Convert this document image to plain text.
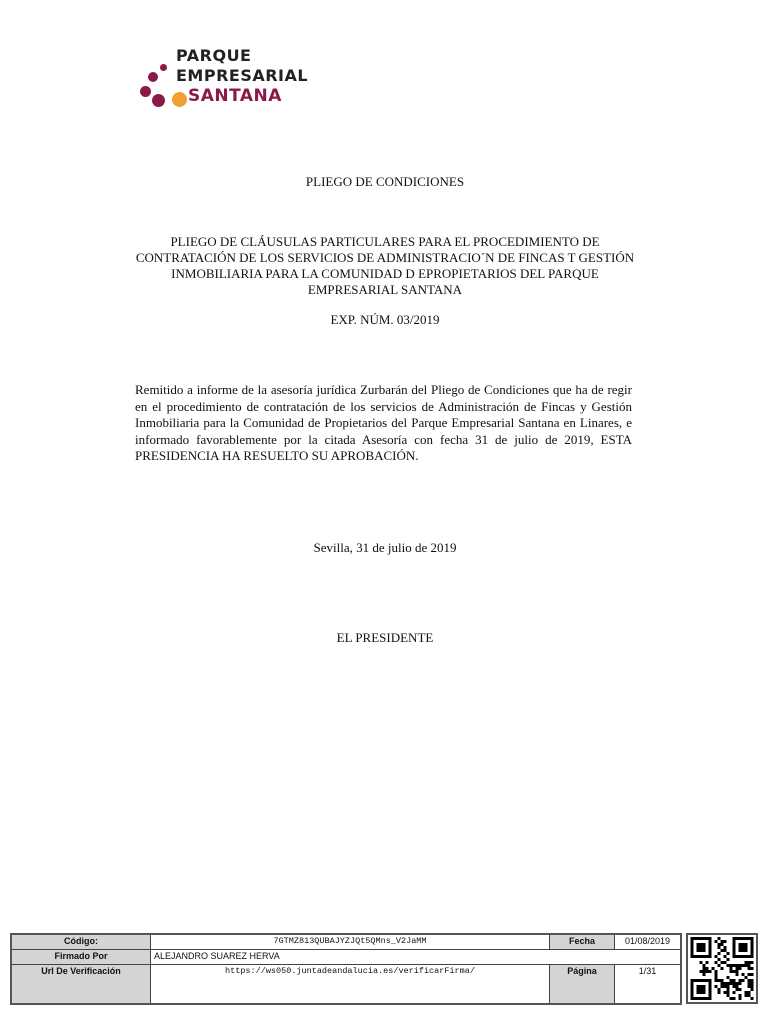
PARQUE
EMPRESARIAL
SANTANA
PLIEGO DE CONDICIONES
PLIEGO DE CLÁUSULAS PARTICULARES PARA EL PROCEDIMIENTO DE CONTRATACIÓN DE LOS SERVICIOS DE ADMINISTRACIO´N DE FINCAS T GESTIÓN INMOBILIARIA PARA LA COMUNIDAD D EPROPIETARIOS DEL PARQUE EMPRESARIAL SANTANA
EXP. NÚM. 03/2019
Remitido a informe de la asesoría jurídica Zurbarán del Pliego de Condiciones que ha de regir en el procedimiento de contratación de los servicios de Administración de Fincas y Gestión Inmobiliaria para la Comunidad de Propietarios del Parque Empresarial Santana en Linares, e informado favorablemente por la citada Asesoría con fecha 31 de julio de 2019, ESTA PRESIDENCIA HA RESUELTO SU APROBACIÓN.
Sevilla, 31 de julio de 2019
EL PRESIDENTE
Código:	7GTMZ813QUBAJYZJQt5QMns_V2JaMM	Fecha	01/08/2019
Firmado Por	ALEJANDRO SUAREZ HERVA		
Url De Verificación	https://ws050.juntadeandalucia.es/verificarFirma/	Página	1/31
